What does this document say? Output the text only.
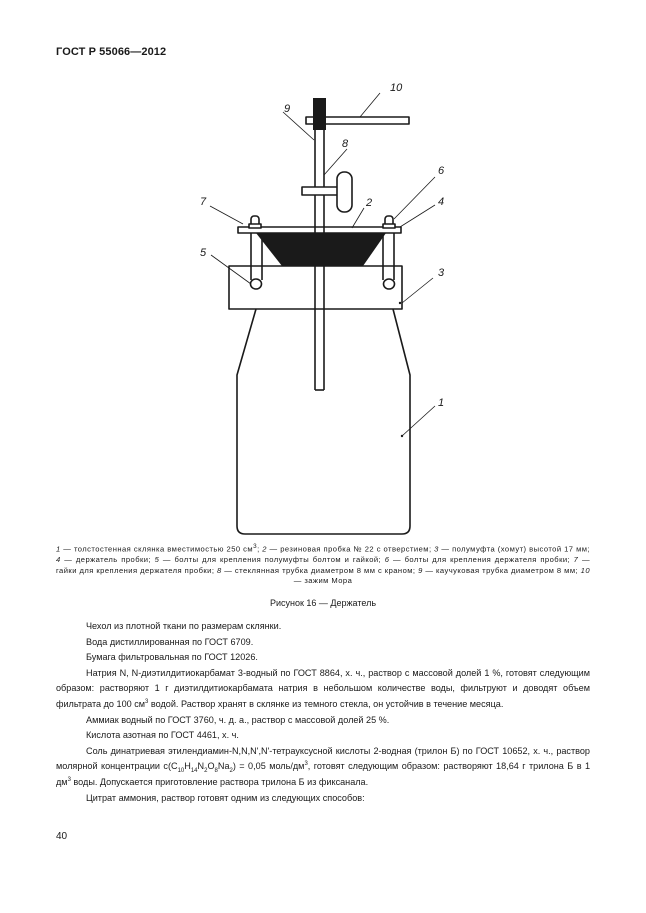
ГОСТ Р 55066—2012
10
9
8
6
7	2	4
5
3
1
1 — толстостенная склянка вместимостью 250 $см^3$; 2 — резиновая пробка № 22 с отверстием; 3 — полумуфта (хомут) высотой 17 мм; 4 — держатель пробки; 5 — болты для крепления полумуфты болтом и гайкой; 6 — болты для крепления держателя пробки; 7 — гайки для крепления держателя пробки; 8 — стеклянная трубка диаметром 8 мм с краном; 9 — каучуковая трубка диаметром 8 мм; 10 — зажим Мора
Рисунок 16 — Держатель

Чехол из плотной ткани по размерам склянки.

Вода дистиллированная по ГОСТ 6709.

Бумага фильтровальная по ГОСТ 12026.

Натрия N, N-диэтилдитиокарбамат 3-водный по ГОСТ 8864, х. ч., раствор с массовой долей 1 %, готовят следующим образом: растворяют 1 г диэтилдитиокарбамата натрия в небольшом количестве воды, фильтруют и доводят объем фильтрата до 100 $см^3$ водой. Раствор хранят в склянке из темного стекла, он устойчив в течение месяца.

Аммиак водный по ГОСТ 3760, ч. д. а., раствор с массовой долей 25 %.

Кислота азотная по ГОСТ 4461, х. ч.

Соль динатриевая этилендиамин-N,N,N',N'-тетрауксусной кислоты 2-водная (трилон Б) по ГОСТ 10652, х. ч., раствор молярной концентрации $c(C_{10}H_{14}N_2O_8Na_2) = 0,05$ моль/$дм^3$, готовят следующим образом: растворяют 18,64 г трилона Б в 1 $дм^3$ воды. Допускается приготовление раствора трилона Б из фиксанала.

Цитрат аммония, раствор готовят одним из следующих способов:

40
